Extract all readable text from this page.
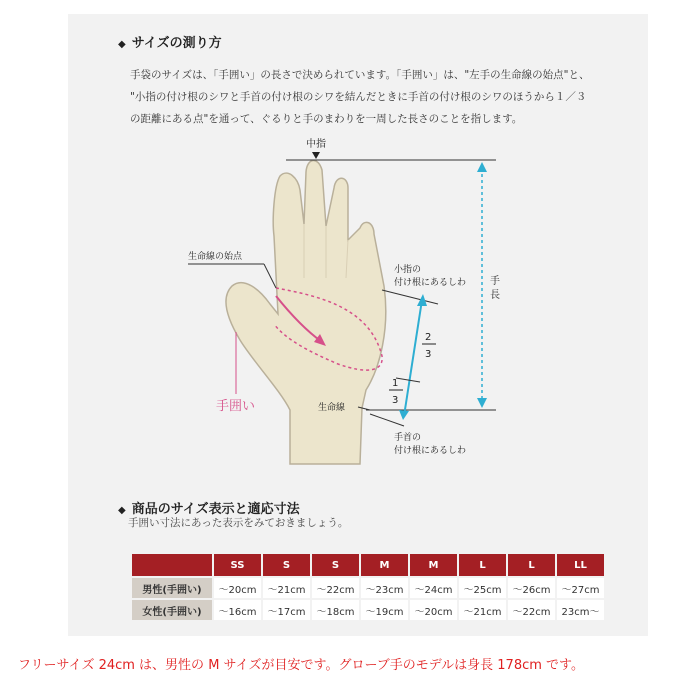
◆ サイズの測り方
手袋のサイズは、「手囲い」の長さで決められています。「手囲い」は、"左手の生命線の始点"と、
"小指の付け根のシワと手首の付け根のシワを結んだときに手首の付け根のシワのほうから１／３
の距離にある点"を通って、ぐるりと手のまわりを一周した長さのことを指します。
中指
手
長
小指の
付け根にあるしわ
手首の
付け根にあるしわ
2
3
1
3
生命線の始点
手囲い	生命線
◆ 商品のサイズ表示と適応寸法
手囲い寸法にあった表示をみておきましょう。
	SS	S	S	M	M	L	L	LL
男性(手囲い)	～20cm	～21cm	～22cm	～23cm	～24cm	～25cm	～26cm	～27cm
女性(手囲い)	～16cm	～17cm	～18cm	～19cm	～20cm	～21cm	～22cm	23cm～
フリーサイズ 24cm は、男性の M サイズが目安です。グローブ手のモデルは身長 178cm です。
